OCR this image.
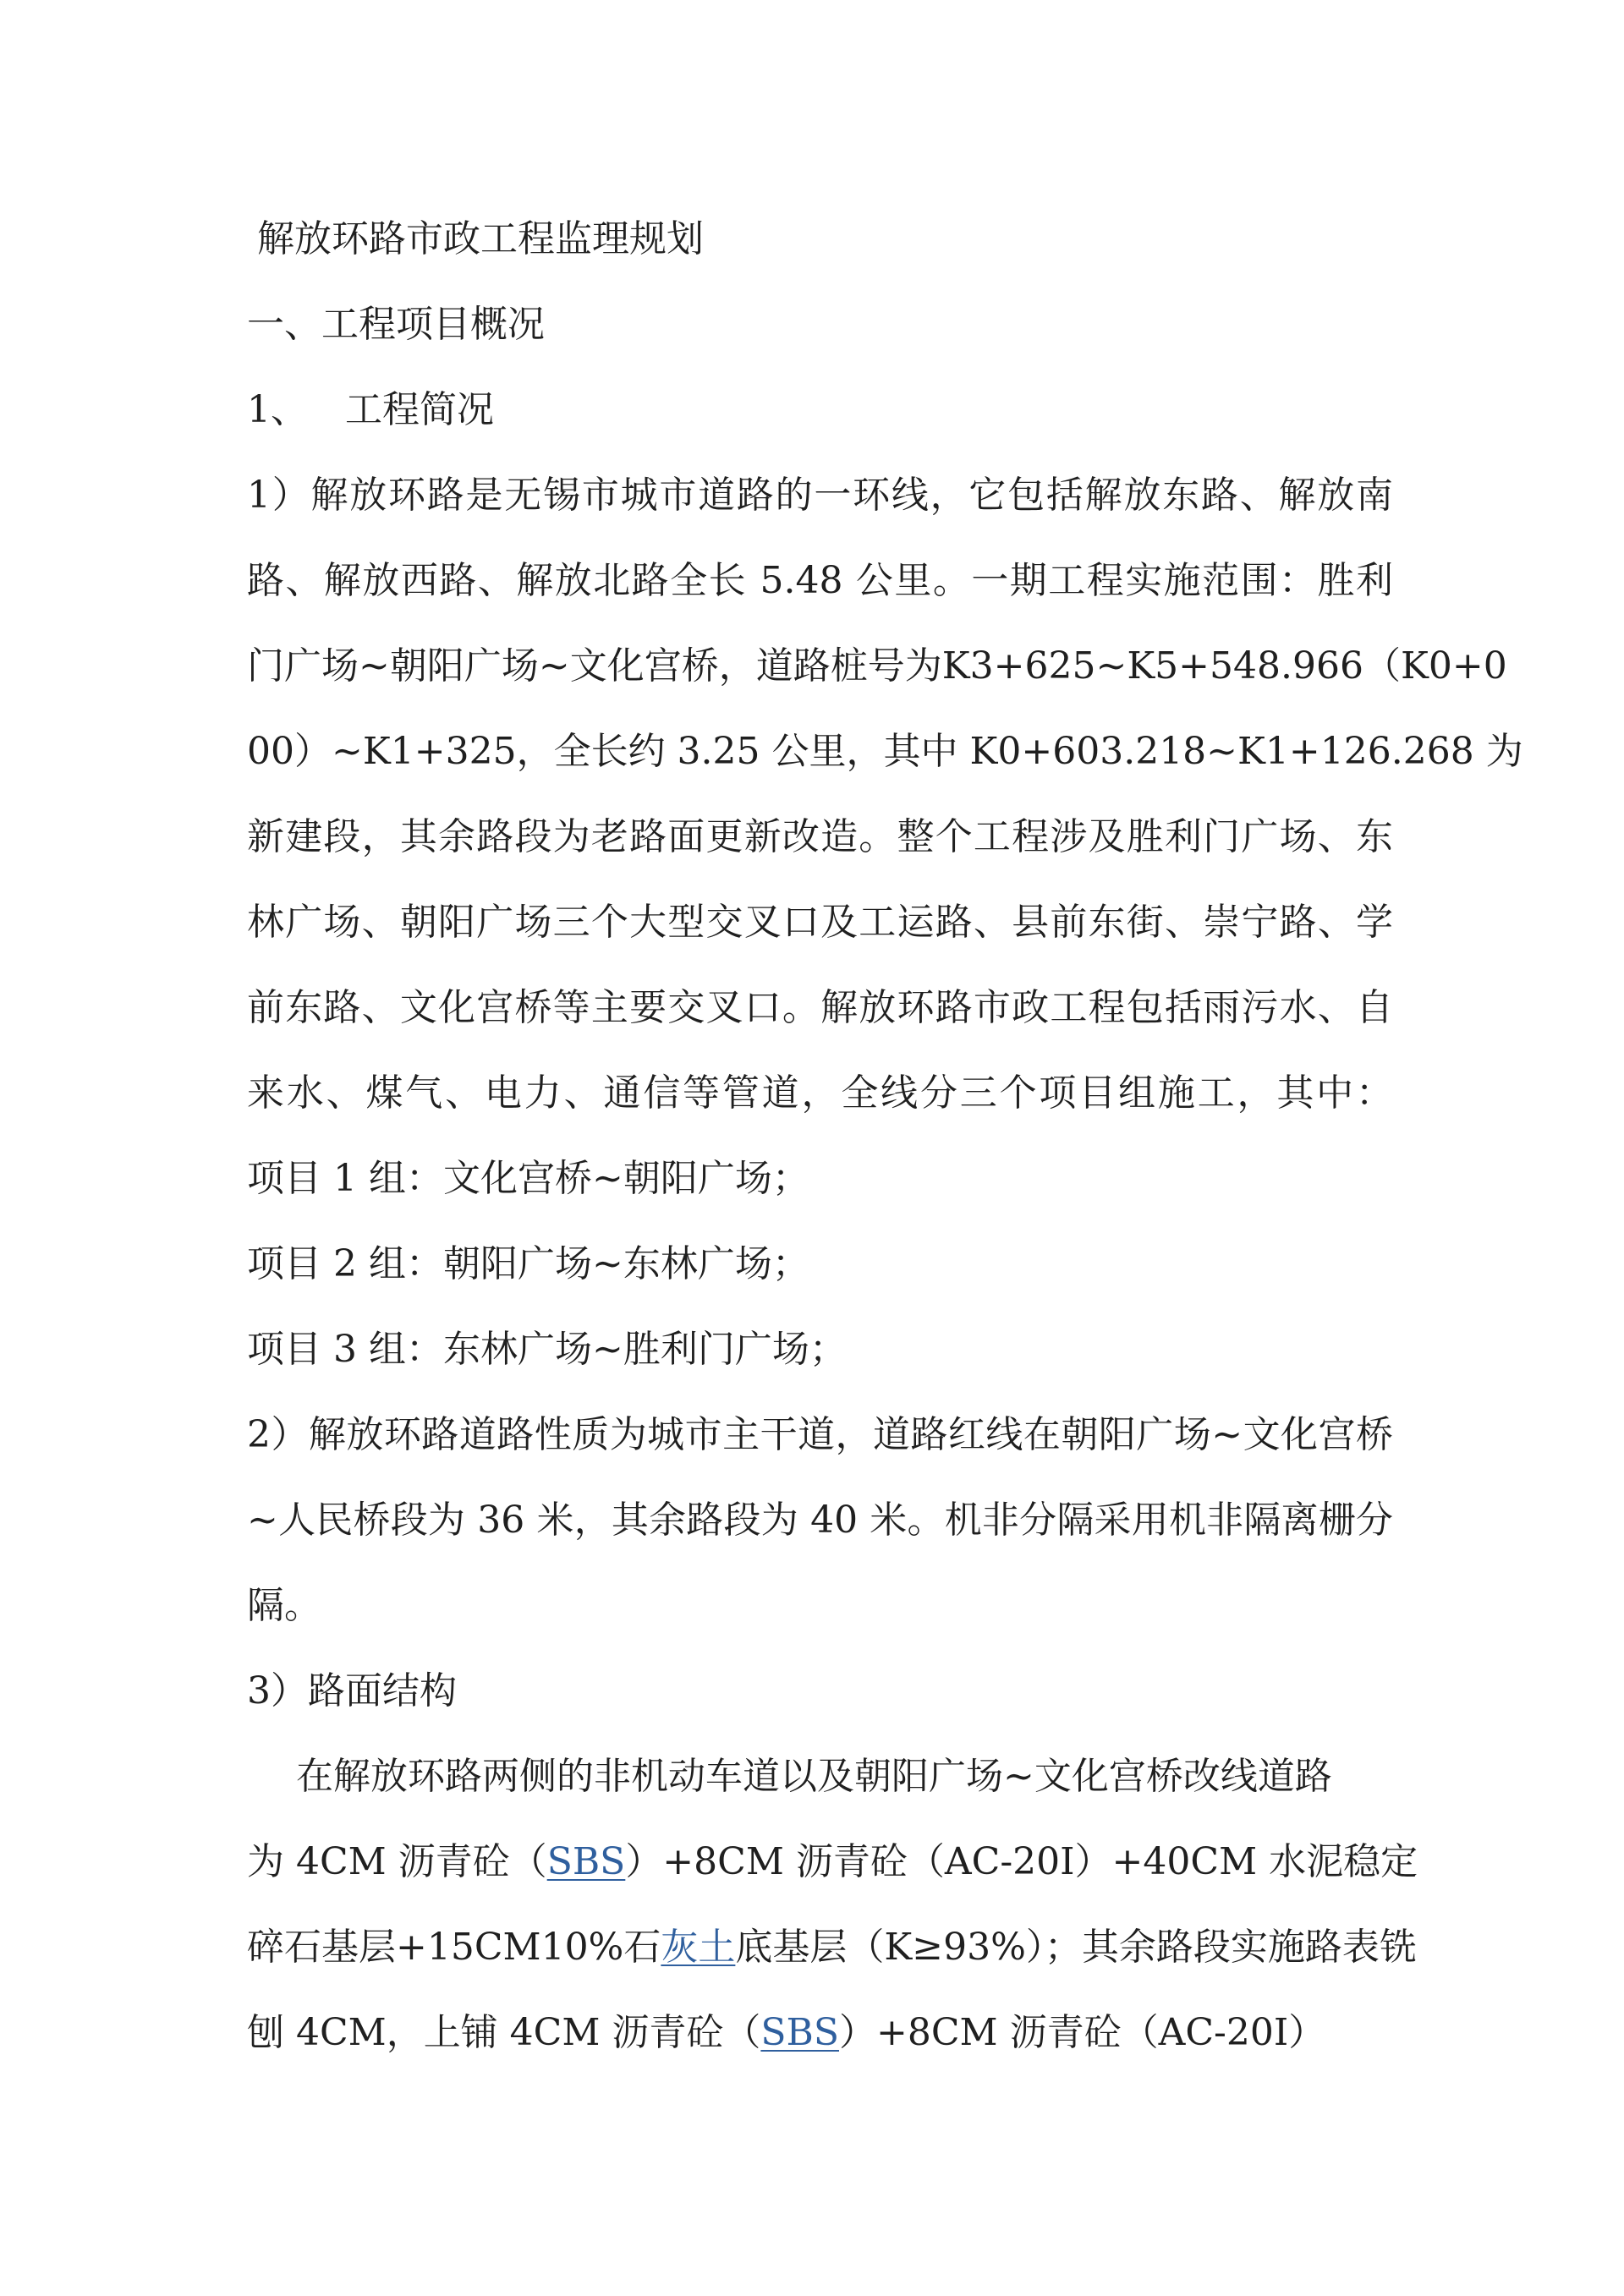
解放环路市政工程监理规划
一、工程项目概况
1、 工程简况
1）解放环路是无锡市城市道路的一环线，它包括解放东路、解放南
路、解放西路、解放北路全长 5.48 公里。一期工程实施范围：胜利
门广场~朝阳广场~文化宫桥，道路桩号为K3+625~K5+548.966（K0+0
00）~K1+325，全长约 3.25 公里，其中 K0+603.218~K1+126.268 为
新建段，其余路段为老路面更新改造。整个工程涉及胜利门广场、东
林广场、朝阳广场三个大型交叉口及工运路、县前东街、崇宁路、学
前东路、文化宫桥等主要交叉口。解放环路市政工程包括雨污水、自
来水、煤气、电力、通信等管道，全线分三个项目组施工，其中：
项目 1 组：文化宫桥~朝阳广场；
项目 2 组：朝阳广场~东林广场；
项目 3 组：东林广场~胜利门广场；
2）解放环路道路性质为城市主干道，道路红线在朝阳广场~文化宫桥
~人民桥段为 36 米，其余路段为 40 米。机非分隔采用机非隔离栅分
隔。
3）路面结构
在解放环路两侧的非机动车道以及朝阳广场~文化宫桥改线道路
为 4CM 沥青砼（SBS）+8CM 沥青砼（AC-20Ⅰ）+40CM 水泥稳定
碎石基层+15CM10%石灰土底基层（K≥93%）；其余路段实施路表铣
刨 4CM，上铺 4CM 沥青砼（SBS）+8CM 沥青砼（AC-20Ⅰ）
